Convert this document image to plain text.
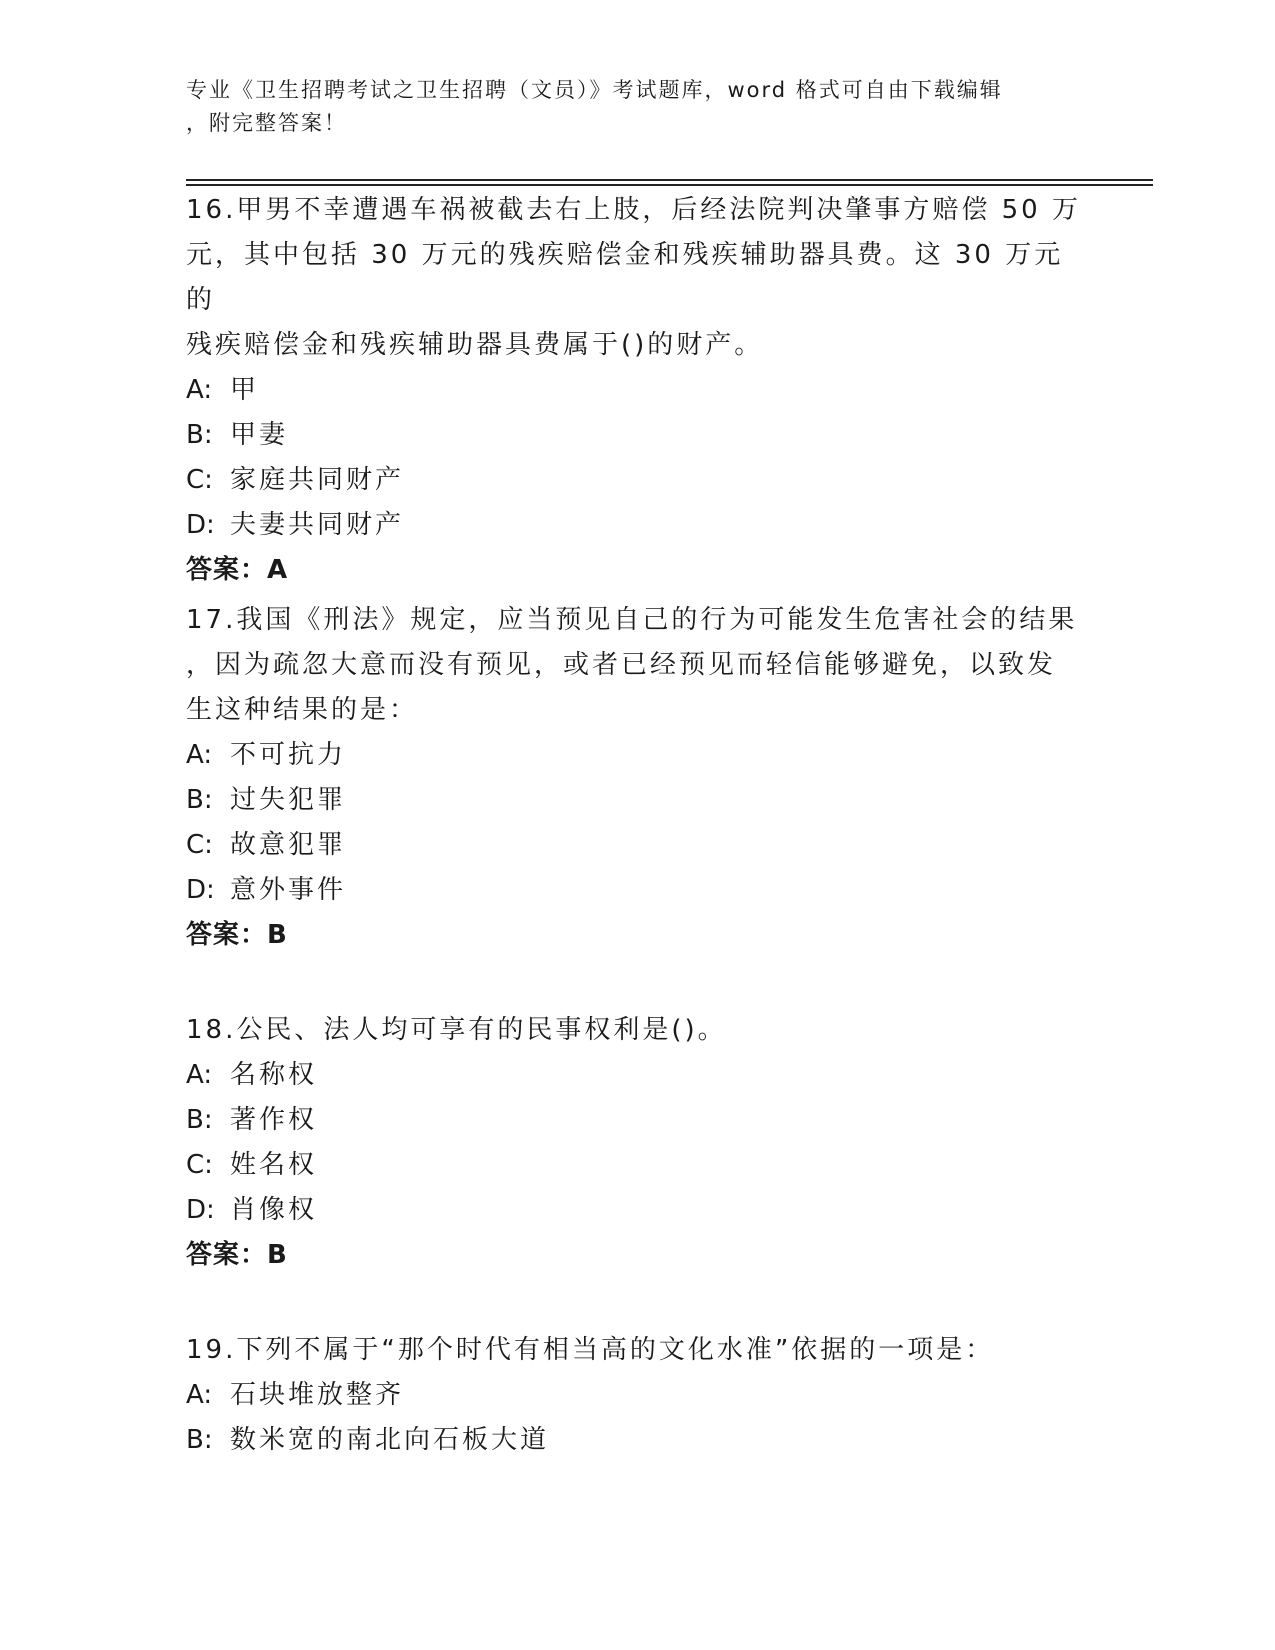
专业《卫生招聘考试之卫生招聘（文员）》考试题库，word 格式可自由下载编辑
，附完整答案！
16.甲男不幸遭遇车祸被截去右上肢，后经法院判决肇事方赔偿 50 万
元，其中包括 30 万元的残疾赔偿金和残疾辅助器具费。这 30 万元的
残疾赔偿金和残疾辅助器具费属于()的财产。
A: 甲
B: 甲妻
C: 家庭共同财产
D: 夫妻共同财产
答案：A
17.我国《刑法》规定，应当预见自己的行为可能发生危害社会的结果
，因为疏忽大意而没有预见，或者已经预见而轻信能够避免，以致发
生这种结果的是：
A: 不可抗力
B: 过失犯罪
C: 故意犯罪
D: 意外事件
答案：B
18.公民、法人均可享有的民事权利是()。
A: 名称权
B: 著作权
C: 姓名权
D: 肖像权
答案：B
19.下列不属于“那个时代有相当高的文化水准”依据的一项是：
A: 石块堆放整齐
B: 数米宽的南北向石板大道
